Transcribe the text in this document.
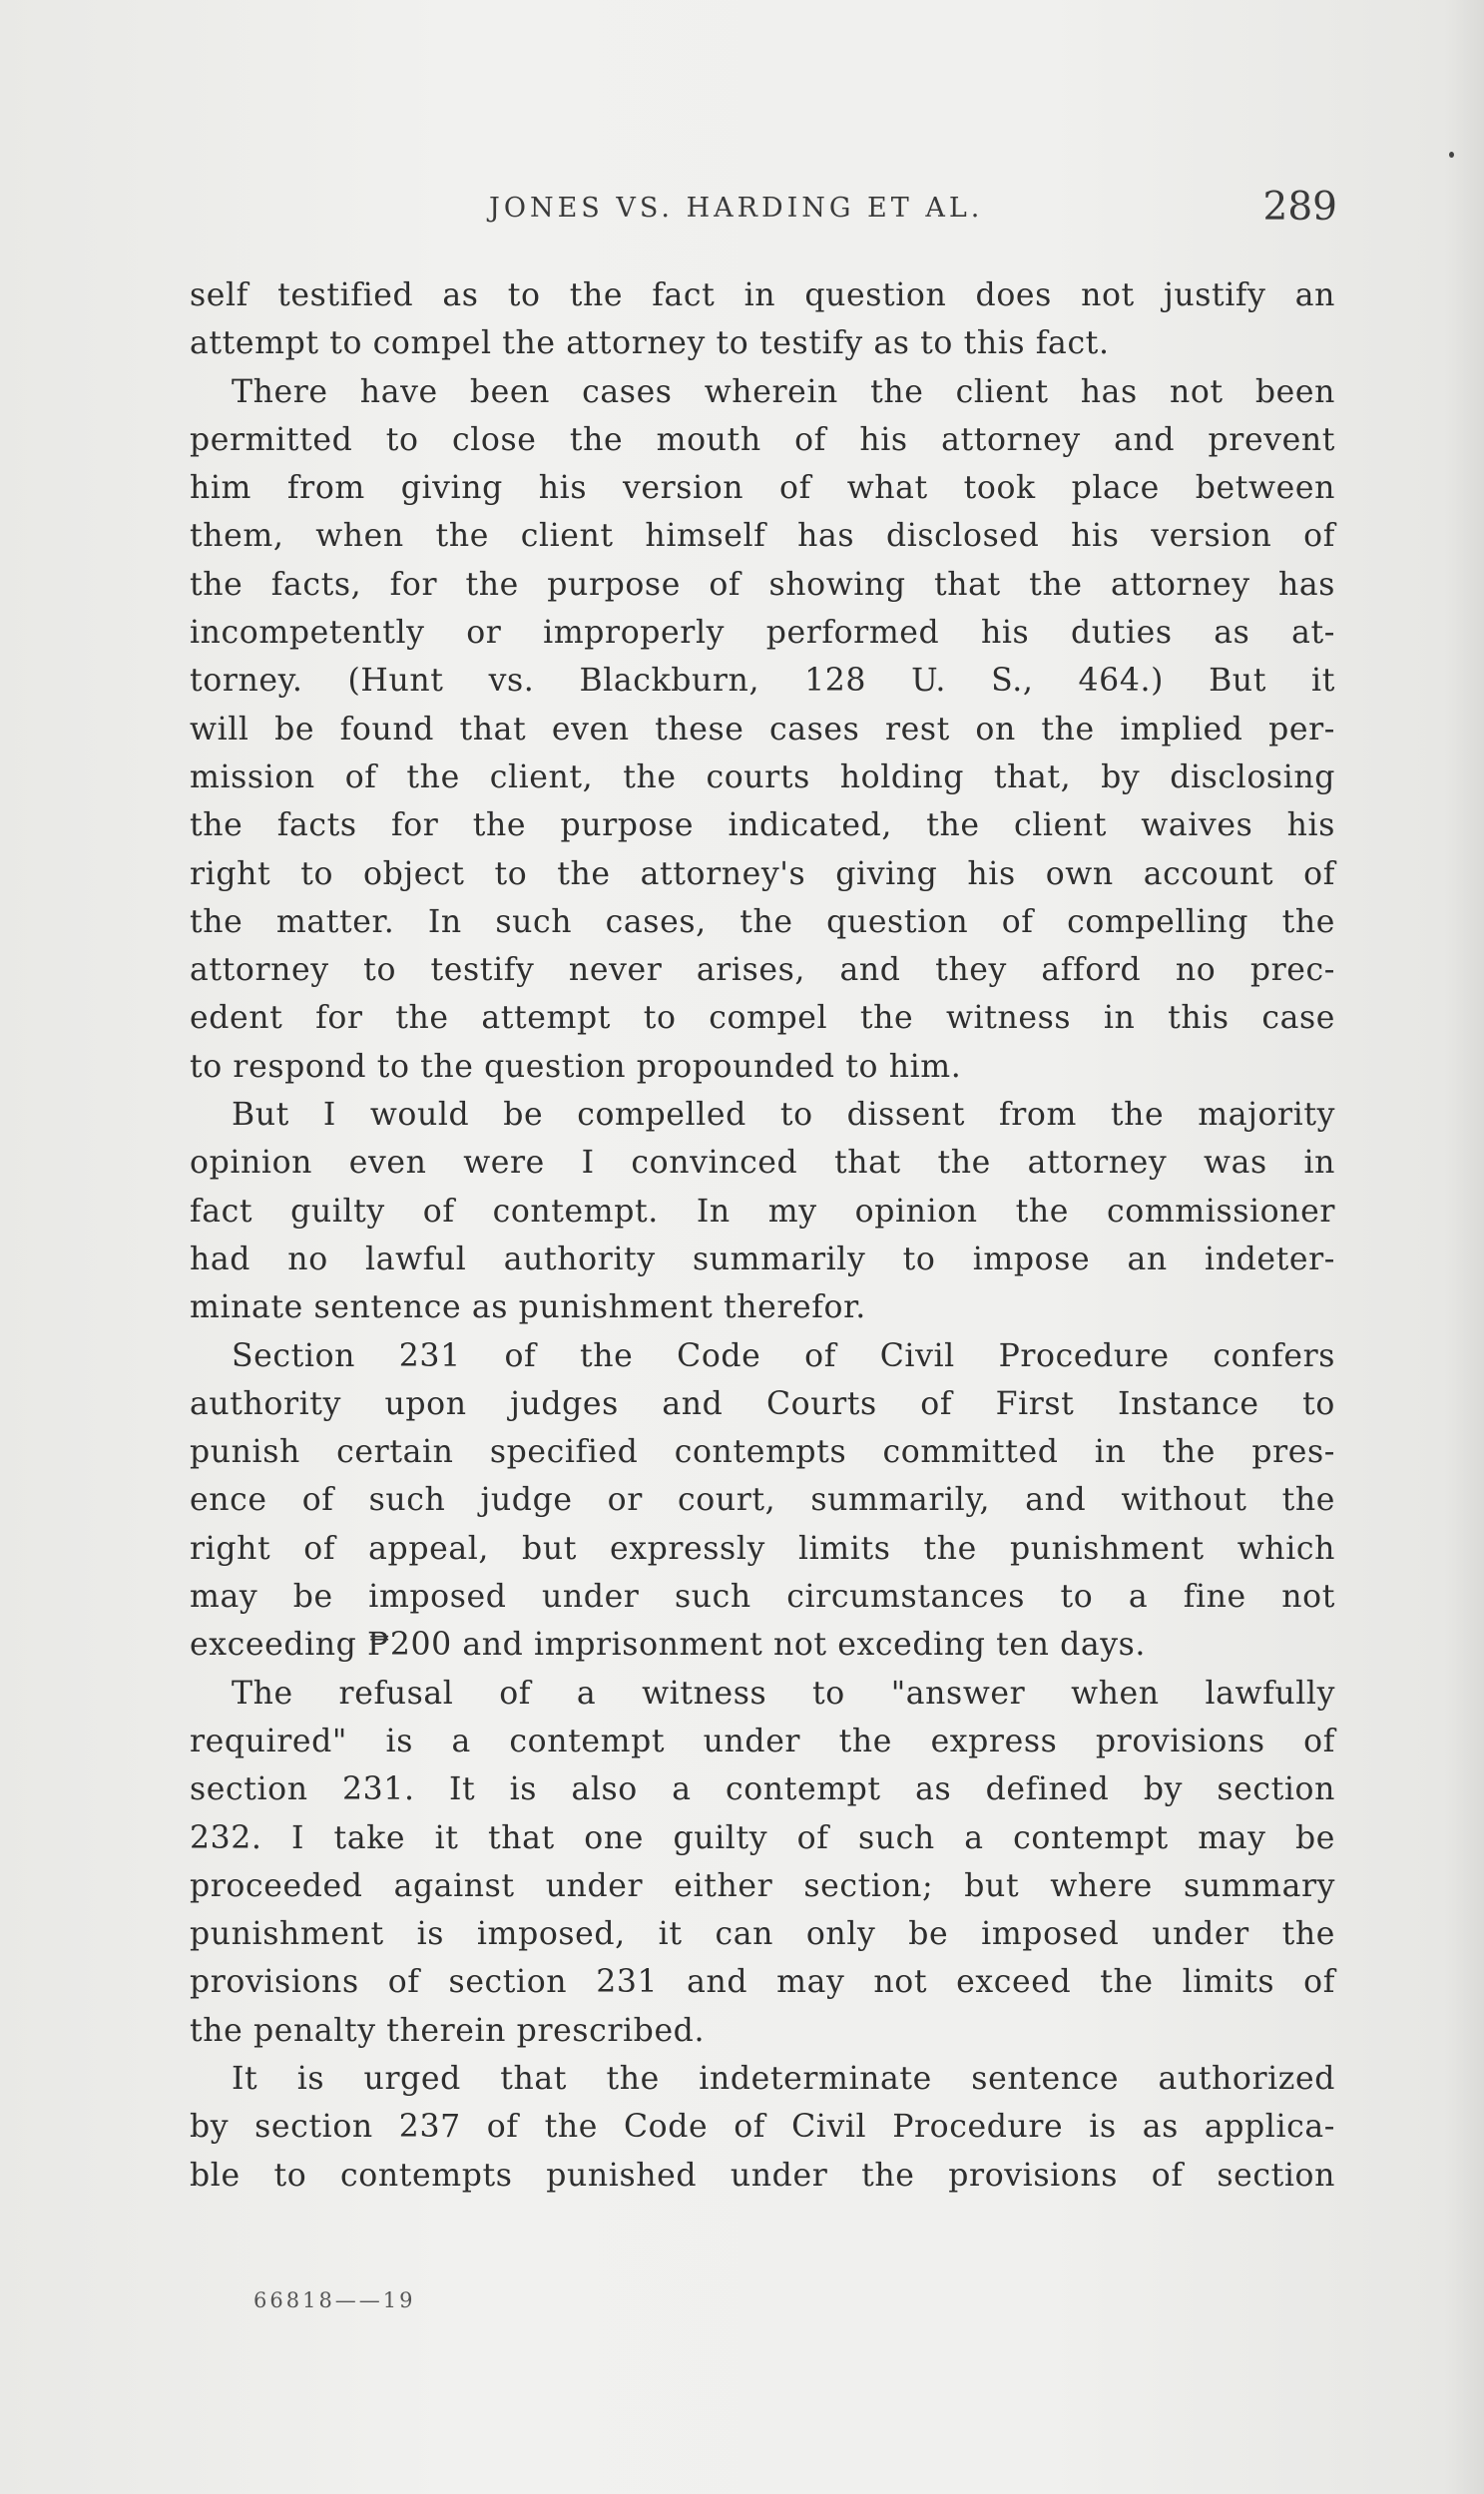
JONES VS. HARDING ET AL.	289
self testified as to the fact in question does not justify an
attempt to compel the attorney to testify as to this fact.
There have been cases wherein the client has not been
permitted to close the mouth of his attorney and prevent
him from giving his version of what took place between
them, when the client himself has disclosed his version of
the facts, for the purpose of showing that the attorney has
incompetently or improperly performed his duties as at-
torney. (Hunt vs. Blackburn, 128 U. S., 464.) But it
will be found that even these cases rest on the implied per-
mission of the client, the courts holding that, by disclosing
the facts for the purpose indicated, the client waives his
right to object to the attorney's giving his own account of
the matter. In such cases, the question of compelling the
attorney to testify never arises, and they afford no prec-
edent for the attempt to compel the witness in this case
to respond to the question propounded to him.
But I would be compelled to dissent from the majority
opinion even were I convinced that the attorney was in
fact guilty of contempt. In my opinion the commissioner
had no lawful authority summarily to impose an indeter-
minate sentence as punishment therefor.
Section 231 of the Code of Civil Procedure confers
authority upon judges and Courts of First Instance to
punish certain specified contempts committed in the pres-
ence of such judge or court, summarily, and without the
right of appeal, but expressly limits the punishment which
may be imposed under such circumstances to a fine not
exceeding ₱200 and imprisonment not exceding ten days.
The refusal of a witness to "answer when lawfully
required" is a contempt under the express provisions of
section 231. It is also a contempt as defined by section
232. I take it that one guilty of such a contempt may be
proceeded against under either section; but where summary
punishment is imposed, it can only be imposed under the
provisions of section 231 and may not exceed the limits of
the penalty therein prescribed.
It is urged that the indeterminate sentence authorized
by section 237 of the Code of Civil Procedure is as applica-
ble to contempts punished under the provisions of section
66818——19
